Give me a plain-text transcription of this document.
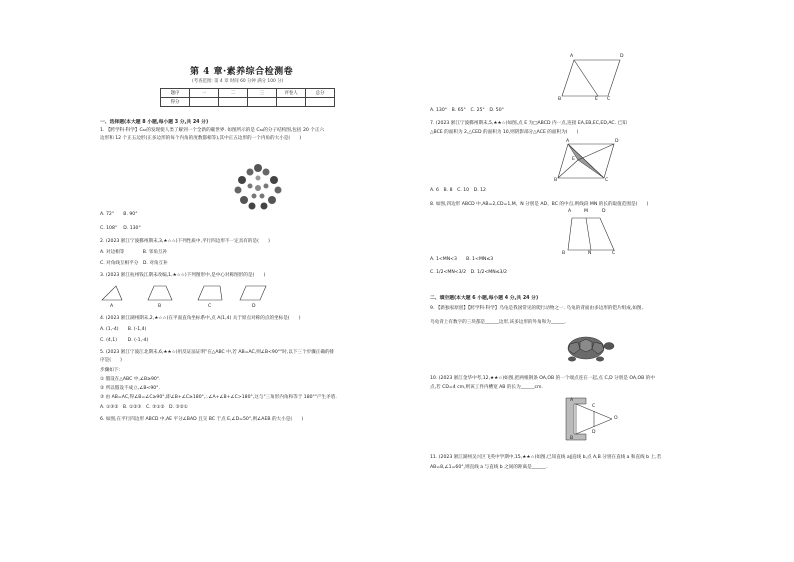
第 4 章·素养综合检测卷
(考查范围: 第 4 章 时间 60 分钟 满分 100 分)
题序	一	二	三	评卷人	总分
得分					
一、选择题(本大题 8 小题,每小题 3 分,共 24 分)
1. 【跨学科·科学】C₆₀的发现使人类了解到一个全新的碳世界. 如图所示的是 C₆₀的分子结构图,包括 20 个正六
边形和 12 个正五边形(正多边形的每个内角的度数都相等),其中正五边形的一个内角的大小是(　　)
A. 72°　　B. 90°
C. 108°　 D. 130°
2. (2023 浙江宁波鄞州期末,3,★☆☆)下列性质中,平行四边形不一定具有的是(　　)
A. 对边相等　　　　B. 邻角互补
C. 对角线互相平分　D. 对角互补
3. (2023 浙江杭州钱江期末改编,1,★☆☆)下列图形中,是中心对称图形的是(　　)
A	B	C	D
4. (2023 浙江湖州期末,2,★☆☆)在平面直角坐标系中,点 A(1,4) 关于原点对称的点的坐标是(　　)
A. (1,-4)　　B. (-1,4)
C. (4,1)　　 D. (-1,-4)
5. (2023 浙江宁波江北期末,6,★★☆)用反证法证明"在△ABC 中,若 AB=AC,则∠B<90°"时,以下三个步骤正确的排
序是(　　)
步骤如下:
① 假设在△ABC 中,∠B≥90°.
② 所以假设不成立,∠B<90°.
③ 由 AB=AC,得∠B=∠C≥90°,即∠B+∠C≥180°,∴∠A+∠B+∠C>180°,这与"三角形内角和等于 180°"产生矛盾.
A. ①③②　B. ①②③　C. ③①②　D. ③②①
6. 如图,在平行四边形 ABCD 中,AE 平分∠BAD 且交 BC 于点 E,∠D=50°,则∠AEB 的大小是(　　)
A	D
B	E C
A. 130°　B. 65°　C. 25°　D. 50°
7. (2023 浙江宁波鄞州期末,5,★★☆)如图,点 E 为□ABCD 内一点,连接 EA,EB,EC,ED,AC. 已知
△BCE 的面积为 2,△CED 的面积为 10,则阴影部分△ACE 的面积为(　　)
A	D
E
B	C
A. 6　B. 8　C. 10　D. 12
8. 如图,四边形 ABCD 中,AB=2,CD=1,M、N 分别是 AD、BC 的中点,则线段 MN 的长的取值范围是(　　)
A	D
M
B	N	C
A. 1<MN<3　　B. 1<MN≤3
C. 1/2<MN<3/2　D. 1/2<MN≤3/2
二、填空题(本大题 6 小题,每小题 4 分,共 24 分)
9. 【新独家原创】【跨学科·科学】乌龟是我国常见的爬行动物之一. 乌龟的背面由多边形的铠片组成,如图,
乌龟背上有数字的三块都是______边形,该多边形的外角和为______.
10. (2023 浙江金华中考,12,★★☆)如图,把两根钢条 OA,OB 的一个端点连在一起,点 C,D 分别是 OA,OB 的中
点,若 CD=4 cm,则该工件内槽宽 AB 的长为______cm.
O
C
D
A
B
11. (2023 浙江湖州吴兴区飞英中学期中,15,★★☆)如图,已知直线 a∥直线 b,点 A,B 分别在直线 a 和直线 b 上,若
AB=8,∠1=60°,则直线 a 与直线 b 之间的距离是______.
